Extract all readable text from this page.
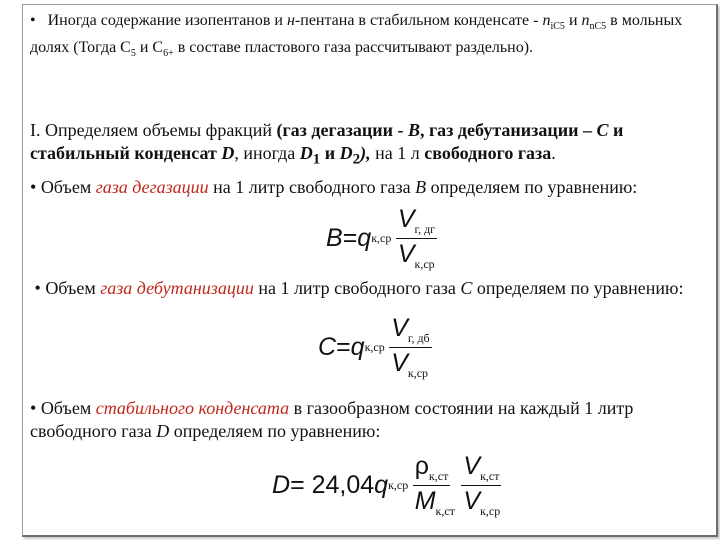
• Иногда содержание изопентанов и н-пентана в стабильном конденсате - $n_{iC5}$ и $n_{nC5}$ в мольных долях (Тогда $C_5$ и $C_{6+}$ в составе пластового газа рассчитывают раздельно).
I. Определяем объемы фракций (газ дегазации - B, газ дебутанизации – C и стабильный конденсат D, иногда $D_1$ и $D_2$), на 1 л свободного газа.
• Объем газа дегазации на 1 литр свободного газа B определяем по уравнению:
$B=qк,ср \frac{V_{г, дг}}{V_{к,ср}}$
• Объем газа дебутанизации на 1 литр свободного газа C определяем по уравнению:
$C=qк,ср \frac{V_{г, дб}}{V_{к,ср}}$
• Объем стабильного конденсата в газообразном состоянии на каждый 1 литр свободного газа D определяем по уравнению:
$D= 24,04qк,ср \frac{\rho_{к,ст}}{M_{к,ст}}$
$\frac{V_{к,ст}}{V_{к,ср}}$
